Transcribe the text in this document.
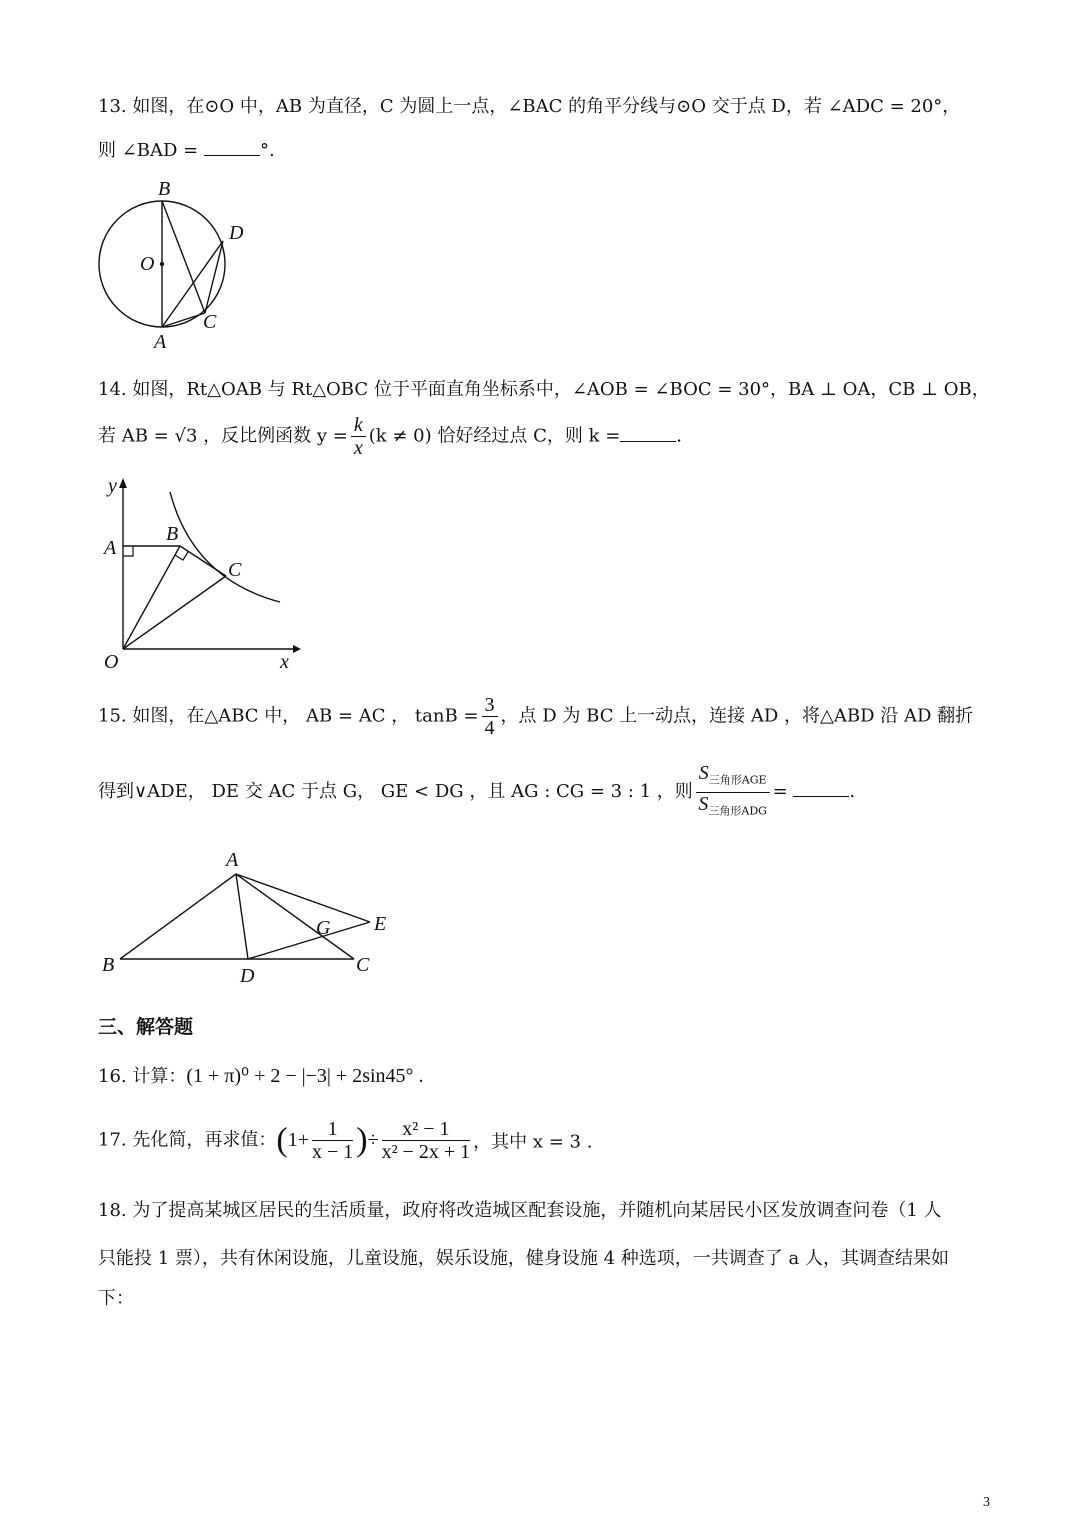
13. 如图，在⊙O 中，AB 为直径，C 为圆上一点，∠BAC 的角平分线与⊙O 交于点 D，若 ∠ADC = 20°，
则 ∠BAD =	°.
B
O
D
C
A
14. 如图，Rt△OAB 与 Rt△OBC 位于平面直角坐标系中，∠AOB = ∠BOC = 30°，BA ⊥ OA，CB ⊥ OB，
若 AB = √3 ，反比例函数 $y = \frac{k}{x} (k \ne 0)$ 恰好经过点 C，则 k =	.
y
A
B
C
O	x
15. 如图，在△ABC 中， AB = AC ， $\tan B = \frac{3}{4}$ ，点 D 为 BC 上一动点，连接 AD ，将△ABD 沿 AD 翻折
得到∨ADE， DE 交 AC 于点 G， GE < DG ，且 AG : CG = 3 : 1 ，则 $\frac{S_{三角形AGE}}{S_{三角形ADG}}$ =	.
A
G E
B	D	C
三、解答题
16. 计算：(1 + π)⁰ + 2 − |−3| + 2sin45° .
17. 先化简，再求值：($1+ \frac{1}{x - 1}$ )÷ $\frac{\text{x² − 1}}{\text{x² − 2x + 1}}$ ，其中 x = 3 .
18. 为了提高某城区居民的生活质量，政府将改造城区配套设施，并随机向某居民小区发放调查问卷（1 人
只能投 1 票），共有休闲设施，儿童设施，娱乐设施，健身设施 4 种选项，一共调查了 a 人，其调查结果如
下：
3
